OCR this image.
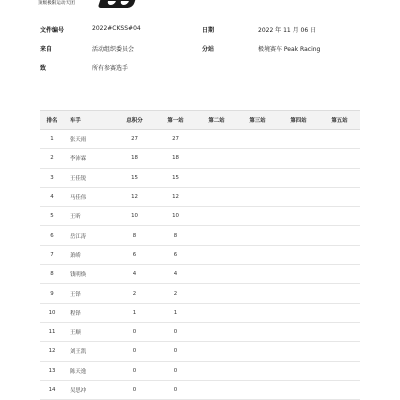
顶级极限运动天团
文件编号	2022#CKSS#04	日期	2022 年 11 月 06 日
来自	活动组织委员会	分站	极境赛车 Peak Racing
致	所有参赛选手
排名	车手	总积分	第一站	第二站	第三站	第四站	第五站
1	张天雨	27	27				
2	李沛霖	18	18				
3	王佳锐	15	15				
4	马佳伟	12	12				
5	王昕	10	10				
6	岳江涛	8	8				
7	萧峤	6	6				
8	钱明焕	4	4				
9	王铎	2	2				
10	程铎	1	1				
11	王顺	0	0				
12	刘王凯	0	0				
13	陈天逸	0	0				
14	吴思冲	0	0				
